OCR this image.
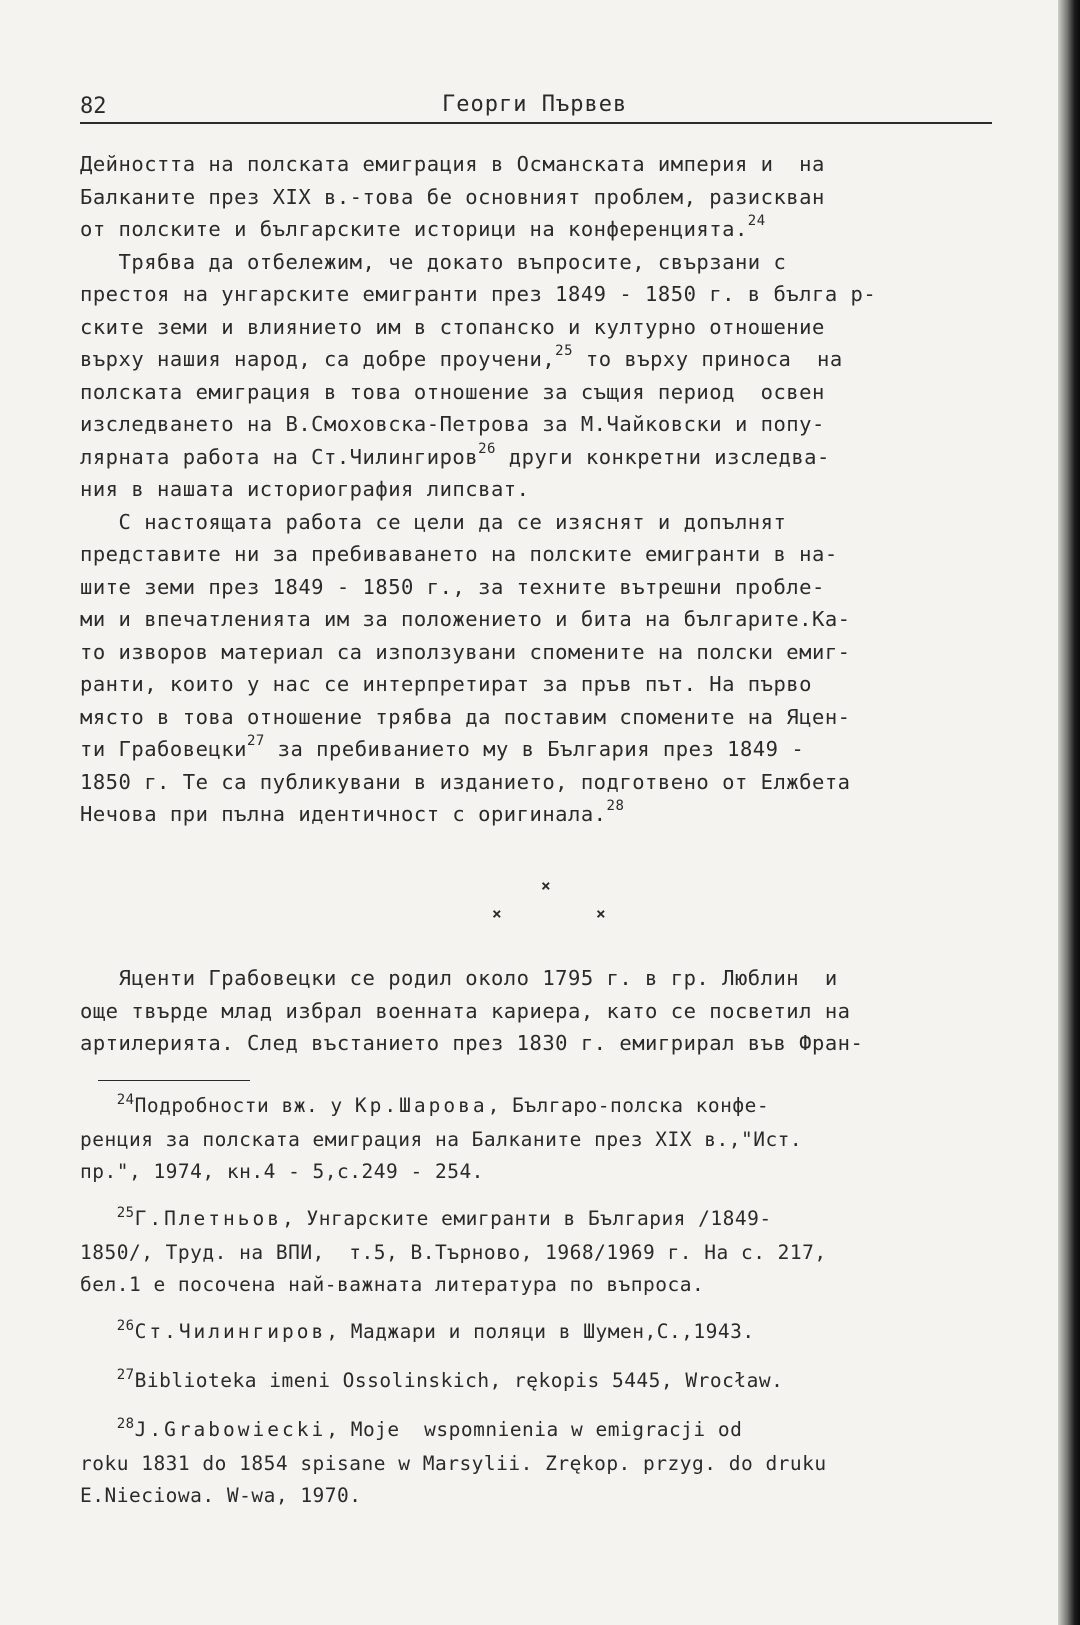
82	Георги Първев
Дейността на полската емиграция в Османската империя и  на
Балканите през XIX в.-това бе основният проблем, разискван
от полските и българските историци на конференцията.$^{24}$
Трябва да отбележим, че докато въпросите, свързани с
престоя на унгарските емигранти през 1849 - 1850 г. в бълга р-
ските земи и влиянието им в стопанско и културно отношение
върху нашия народ, са добре проучени,$^{25}$ то върху приноса  на
полската емиграция в това отношение за същия период  освен
изследването на В.Смоховска-Петрова за М.Чайковски и попу-
лярната работа на Ст.Чилингиров$^{26}$ други конкретни изследва-
ния в нашата историография липсват.
С настоящата работа се цели да се изяснят и допълнят
представите ни за пребиваването на полските емигранти в на-
шите земи през 1849 - 1850 г., за техните вътрешни пробле-
ми и впечатленията им за положението и бита на българите.Ка-
то изворов материал са използувани спомените на полски емиг-
ранти, които у нас се интерпретират за пръв път. На първо
място в това отношение трябва да поставим спомените на Яцен-
ти Грабовецки$^{27}$ за пребиванието му в България през 1849 -
1850 г. Те са публикувани в изданието, подготвено от Елжбета
Нечова при пълна идентичност с оригинала.$^{28}$
×
×	×
Яценти Грабовецки се родил около 1795 г. в гр. Люблин  и
още твърде млад избрал военната кариера, като се посветил на
артилерията. След въстанието през 1830 г. емигрирал във Фран-
$^{24}$Подробности вж. у Кр.Шарова, Българо-полска конфе-
ренция за полската емиграция на Балканите през XIX в.,"Ист.
пр.", 1974, кн.4 - 5,с.249 - 254.
$^{25}$Г.Плетньов, Унгарските емигранти в България /1849-
1850/, Труд. на ВПИ,  т.5, В.Търново, 1968/1969 г. На с. 217,
бел.1 е посочена най-важната литература по въпроса.
$^{26}$Ст.Чилингиров, Маджари и поляци в Шумен,С.,1943.
$^{27}$Biblioteka imeni Ossolinskich, rękopis 5445, Wrocław.
$^{28}$J.Grabowiecki, Moje  wspomnienia w emigracji od
roku 1831 do 1854 spisane w Marsylii. Zrękop. przyg. do druku
E.Nieciowa. W-wa, 1970.
